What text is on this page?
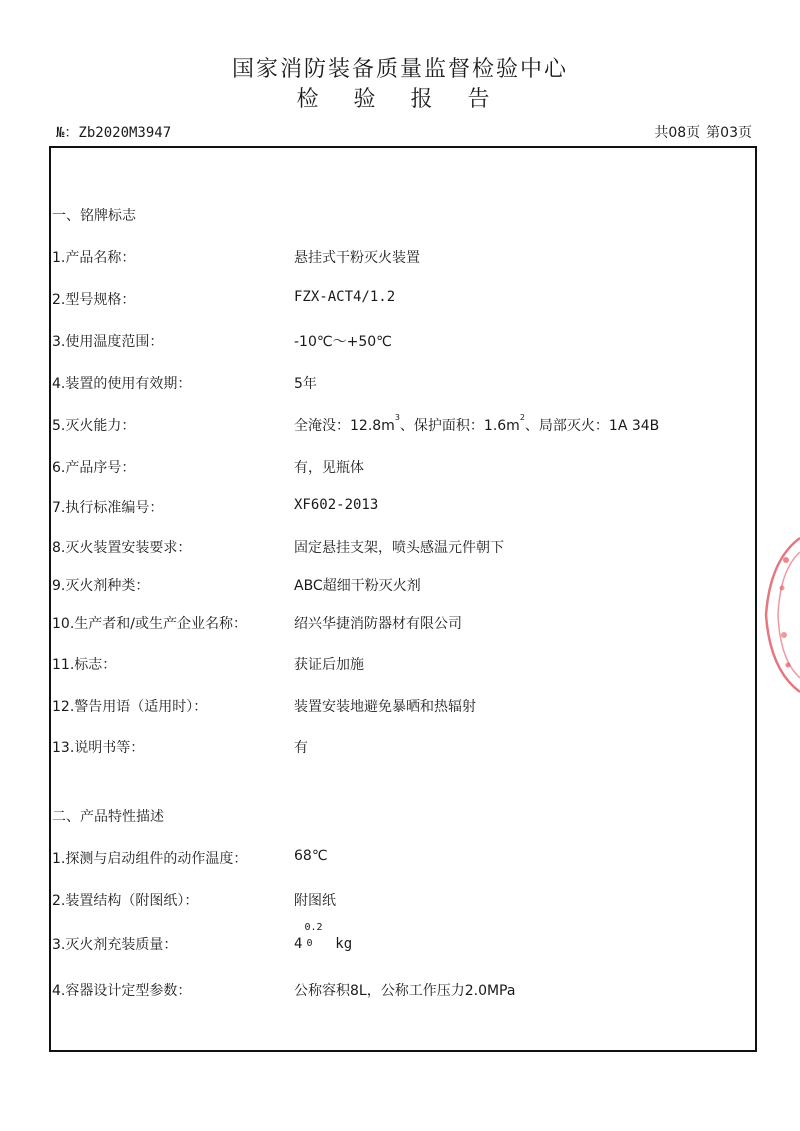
国家消防装备质量监督检验中心
检 验 报 告
№：Zb2020M3947	共08页 第03页
一、铭牌标志
1.产品名称：	悬挂式干粉灭火装置
2.型号规格：	FZX-ACT4/1.2
3.使用温度范围：	-10℃～+50℃
4.装置的使用有效期：	5年
5.灭火能力：	全淹没：$12.8m^3$、保护面积：$1.6m^2$、局部灭火：1A 34B
6.产品序号：	有，见瓶体
7.执行标准编号：	XF602-2013
8.灭火装置安装要求：	固定悬挂支架，喷头感温元件朝下
9.灭火剂种类：	ABC超细干粉灭火剂
10.生产者和/或生产企业名称：	绍兴华捷消防器材有限公司
11.标志：	获证后加施
12.警告用语（适用时）：	装置安装地避免暴晒和热辐射
13.说明书等：	有
二、产品特性描述
1.探测与启动组件的动作温度：	68℃
2.装置结构（附图纸）：	附图纸
3.灭火剂充装质量：	4
0.2
0 kg
4.容器设计定型参数：	公称容积8L，公称工作压力2.0MPa
